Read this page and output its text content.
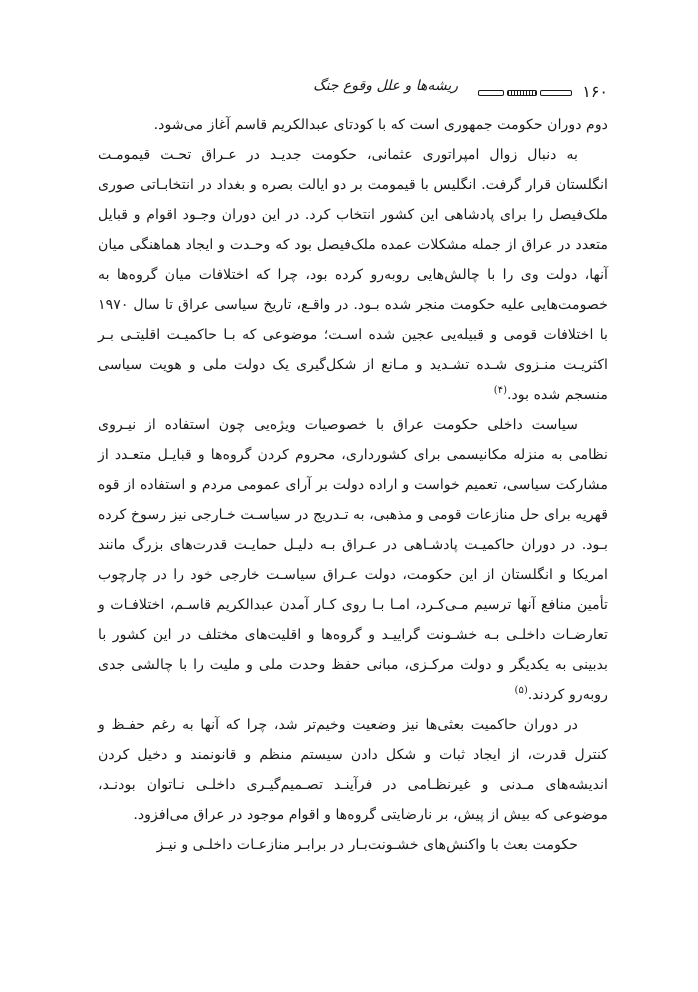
۱۶۰
ریشه‌ها و علل وقوع جنگ

دوم دوران حکومت جمهوری است که با کودتای عبدالکریم قاسم آغاز می‌شود.

به دنبال زوال امپراتوری عثمانی، حکومت جدیـد در عـراق تحـت قیمومـت انگلستان قرار گرفت. انگلیس با قیمومت بر دو ایالت بصره و بغداد در انتخابـاتی صوری ملک‌فیصل را برای پادشاهی این کشور انتخاب کرد. در این دوران وجـود اقوام و قبایل متعدد در عراق از جمله مشکلات عمده ملک‌فیصل بود که وحـدت و ایجاد هماهنگی میان آنها، دولت وی را با چالش‌هایی روبه‌رو کرده بود، چرا که اختلافات میان گروه‌ها به خصومت‌هایی علیه حکومت منجر شده بـود. در واقـع، تاریخ سیاسی عراق تا سال ۱۹۷۰ با اختلافات قومی و قبیله‌یی عجین شده اسـت؛ موضوعی که بـا حاکمیـت اقلیتـی بـر اکثریـت منـزوی شـده تشـدید و مـانع از شکل‌گیری یک دولت ملی و هویت سیاسی منسجم شده بود.$^{(۴)}$

سیاست داخلی حکومت عراق با خصوصیات ویژه‌یی چون استفاده از نیـروی نظامی به منزله مکانیسمی برای کشورداری، محروم کردن گروه‌ها و قبایـل متعـدد از مشارکت سیاسی، تعمیم خواست و اراده دولت بر آرای عمومی مردم و استفاده از قوه قهریه برای حل منازعات قومی و مذهبی، به تـدریج در سیاسـت خـارجی نیز رسوخ کرده بـود. در دوران حاکمیـت پادشـاهی در عـراق بـه دلیـل حمایـت قدرت‌های بزرگ مانند امریکا و انگلستان از این حکومت، دولت عـراق سیاسـت خارجی خود را در چارچوب تأمین منافع آنها ترسیم مـی‌کـرد، امـا بـا روی کـار آمدن عبدالکریم قاسـم، اختلافـات و تعارضـات داخلـی بـه خشـونت گرایيـد و گروه‌ها و اقلیت‌های مختلف در این کشور با بدبینی به یکدیگر و دولت مرکـزی، مبانی حفظ وحدت ملی و ملیت را با چالشی جدی روبه‌رو کردند.$^{(۵)}$

در دوران حاکمیت بعثی‌ها نیز وضعیت وخیم‌تر شد، چرا که آنها به رغم حفـظ و کنترل قدرت، از ایجاد ثبات و شکل دادن سیستم منظم و قانونمند و دخیل کردن اندیشه‌های مـدنی و غیرنظـامی در فرآینـد تصـمیم‌گیـری داخلـی نـاتوان بودنـد، موضوعی که بیش از پیش، بر نارضایتی گروه‌ها و اقوام موجود در عراق می‌افزود.

حکومت بعث با واکنش‌های خشـونت‌بـار در برابـر منازعـات داخلـی و نیـز
